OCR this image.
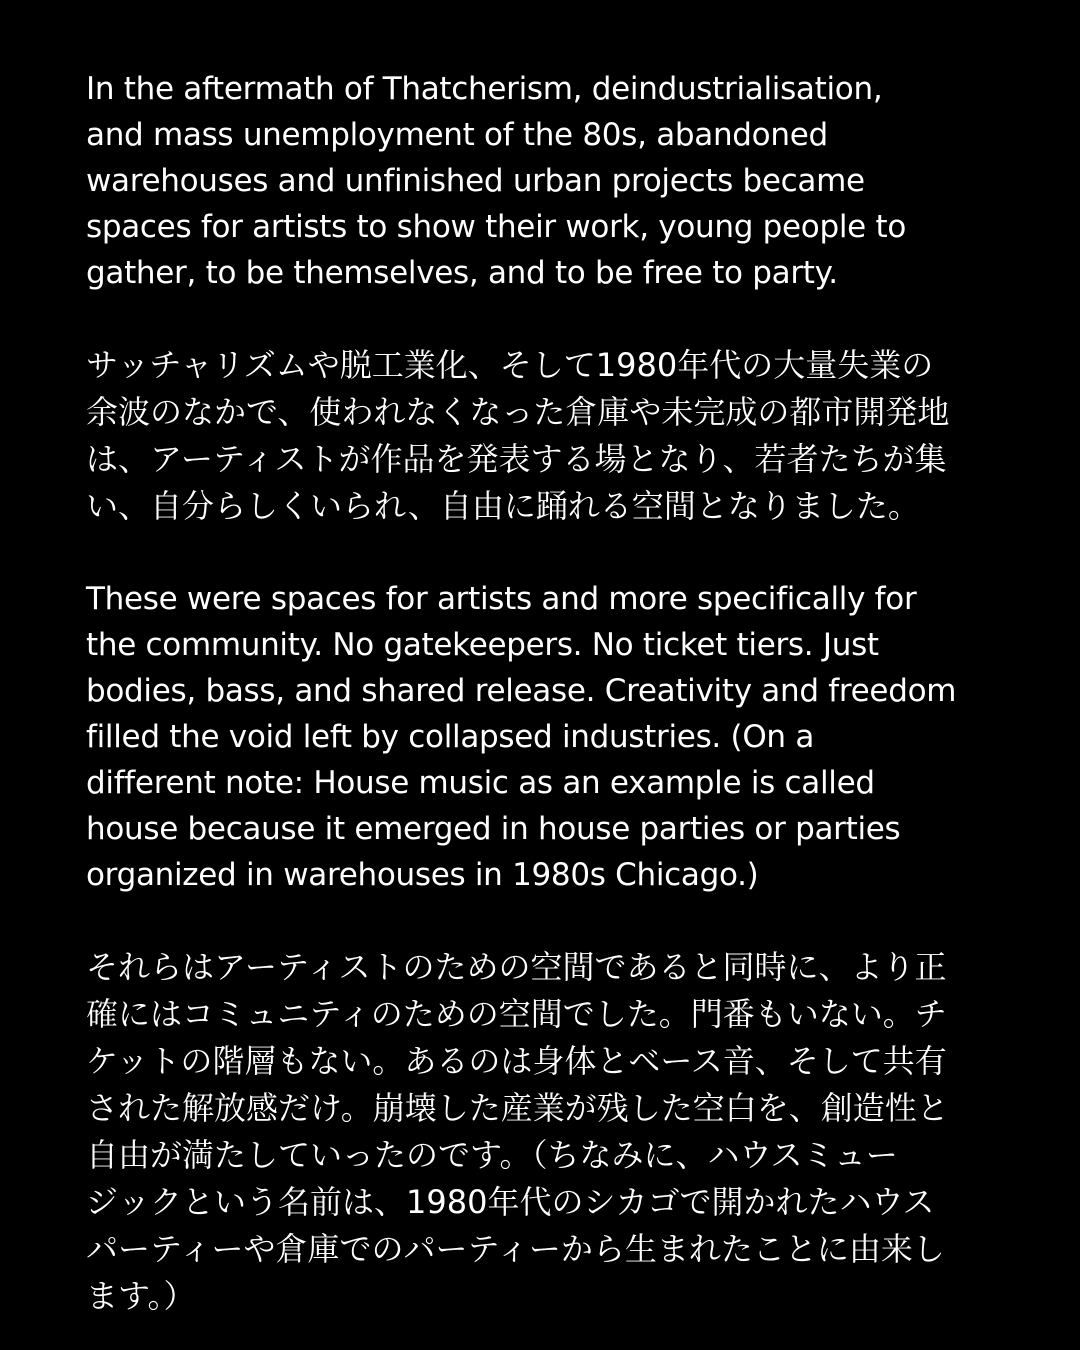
In the aftermath of Thatcherism, deindustrialisation,
and mass unemployment of the 80s, abandoned
warehouses and unfinished urban projects became
spaces for artists to show their work, young people to
gather, to be themselves, and to be free to party.

サッチャリズムや脱工業化、そして1980年代の大量失業の
余波のなかで、使われなくなった倉庫や未完成の都市開発地
は、アーティストが作品を発表する場となり、若者たちが集
い、自分らしくいられ、自由に踊れる空間となりました。

These were spaces for artists and more specifically for
the community. No gatekeepers. No ticket tiers. Just
bodies, bass, and shared release. Creativity and freedom
filled the void left by collapsed industries. (On a
different note: House music as an example is called
house because it emerged in house parties or parties
organized in warehouses in 1980s Chicago.)

それらはアーティストのための空間であると同時に、より正
確にはコミュニティのための空間でした。門番もいない。チ
ケットの階層もない。あるのは身体とベース音、そして共有
された解放感だけ。崩壊した産業が残した空白を、創造性と
自由が満たしていったのです。（ちなみに、ハウスミュー
ジックという名前は、1980年代のシカゴで開かれたハウス
パーティーや倉庫でのパーティーから生まれたことに由来し
ます。）
